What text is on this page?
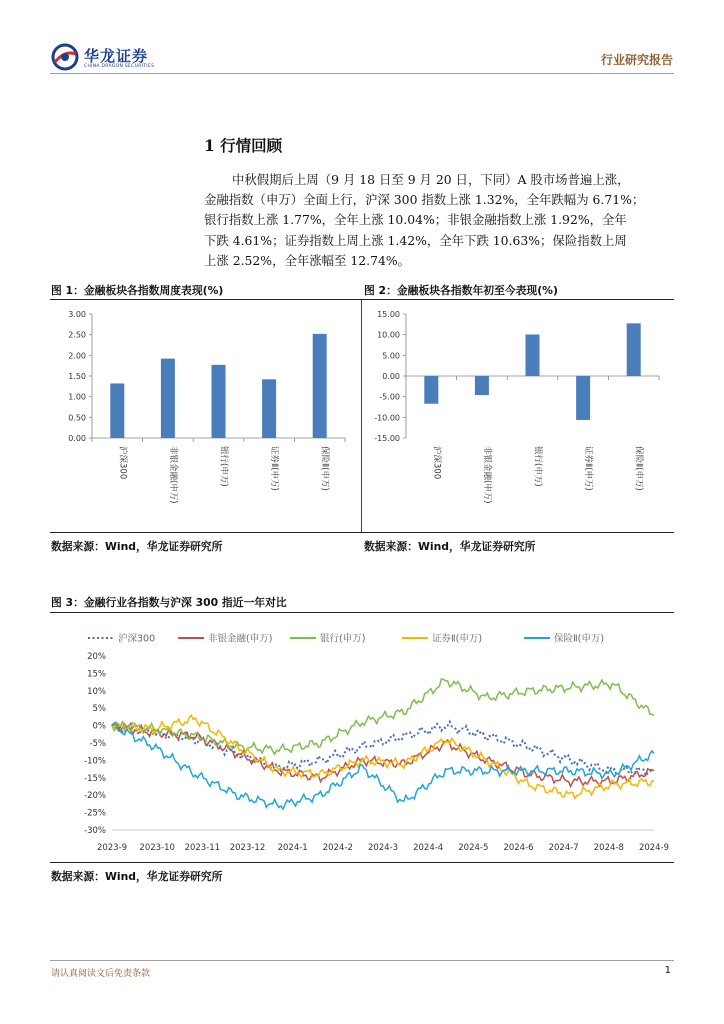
华龙证券
CHINA DRAGON SECURITIES	行业研究报告
1 行情回顾
中秋假期后上周（9 月 18 日至 9 月 20 日，下同）A 股市场普遍上涨，
金融指数（申万）全面上行，沪深 300 指数上涨 1.32%，全年跌幅为 6.71%；
银行指数上涨 1.77%，全年上涨 10.04%；非银金融指数上涨 1.92%，全年
下跌 4.61%；证券指数上周上涨 1.42%，全年下跌 10.63%；保险指数上周
上涨 2.52%，全年涨幅至 12.74%。
图 1：金融板块各指数周度表现(%)	图 2：金融板块各指数年初至今表现(%)
0.00
0.50
1.00
1.50
2.00
2.50
3.00
沪深300	非银金融(申万)	银行(申万)	证券Ⅱ(申万)	保险Ⅱ(申万)
-15.00
-10.00
-5.00
0.00
5.00
10.00
15.00
沪深300	非银金融(申万)	银行(申万)	证券Ⅱ(申万)	保险Ⅱ(申万)
数据来源：Wind，华龙证券研究所	数据来源：Wind，华龙证券研究所
图 3：金融行业各指数与沪深 300 指近一年对比
沪深300	非银金融(申万)	银行(申万)	证券Ⅱ(申万)	保险Ⅱ(申万)
-30%
-25%
-20%
-15%
-10%
-5%
0%
5%
10%
15%
20%
2023-9 2023-10 2023-11 2023-12 2024-1 2024-2 2024-3 2024-4 2024-5 2024-6 2024-7 2024-8 2024-9
数据来源：Wind，华龙证券研究所
请认真阅读文后免责条款	1
